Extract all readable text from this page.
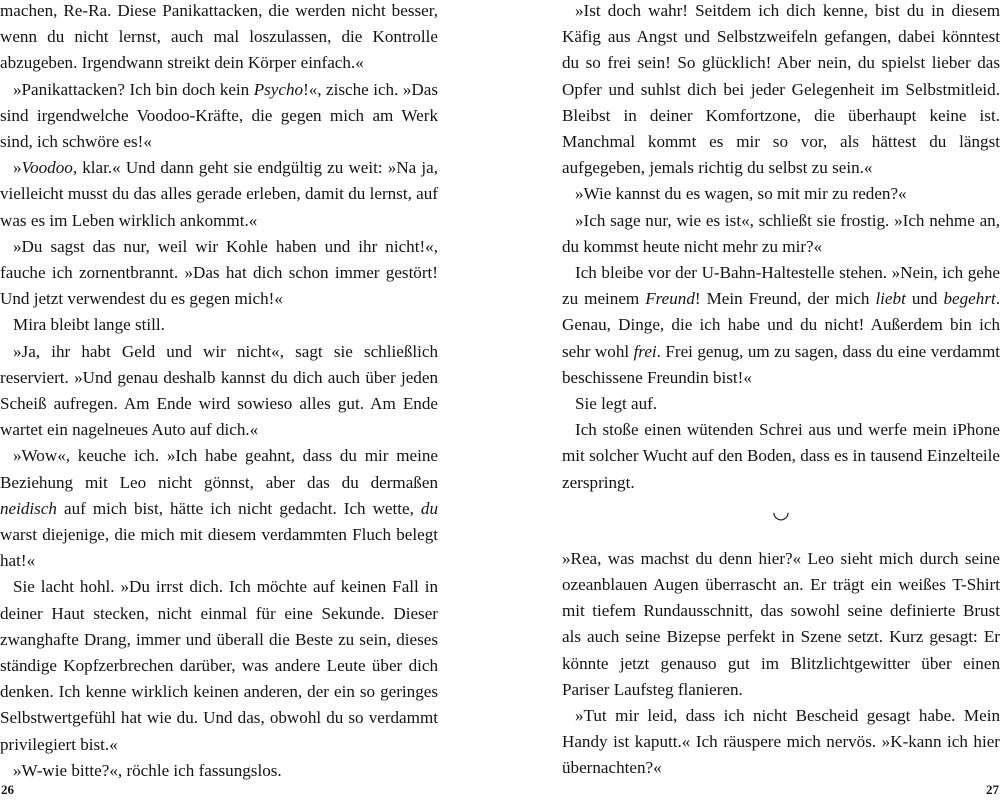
machen, Re-Ra. Diese Panikattacken, die werden nicht besser, wenn du nicht lernst, auch mal loszulassen, die Kontrolle abzugeben. Irgendwann streikt dein Körper einfach.«

»Panikattacken? Ich bin doch kein Psycho!«, zische ich. »Das sind irgendwelche Voodoo-Kräfte, die gegen mich am Werk sind, ich schwöre es!«

»Voodoo, klar.« Und dann geht sie endgültig zu weit: »Na ja, vielleicht musst du das alles gerade erleben, damit du lernst, auf was es im Leben wirklich ankommt.«

»Du sagst das nur, weil wir Kohle haben und ihr nicht!«, fauche ich zornentbrannt. »Das hat dich schon immer gestört! Und jetzt verwendest du es gegen mich!«

Mira bleibt lange still.

»Ja, ihr habt Geld und wir nicht«, sagt sie schließlich reserviert. »Und genau deshalb kannst du dich auch über jeden Scheiß aufregen. Am Ende wird sowieso alles gut. Am Ende wartet ein nagelneues Auto auf dich.«

»Wow«, keuche ich. »Ich habe geahnt, dass du mir meine Beziehung mit Leo nicht gönnst, aber das du dermaßen neidisch auf mich bist, hätte ich nicht gedacht. Ich wette, du warst diejenige, die mich mit diesem verdammten Fluch belegt hat!«

Sie lacht hohl. »Du irrst dich. Ich möchte auf keinen Fall in deiner Haut stecken, nicht einmal für eine Sekunde. Dieser zwanghafte Drang, immer und überall die Beste zu sein, dieses ständige Kopfzerbrechen darüber, was andere Leute über dich denken. Ich kenne wirklich keinen anderen, der ein so geringes Selbstwertgefühl hat wie du. Und das, obwohl du so verdammt privilegiert bist.«

»W-wie bitte?«, röchle ich fassungslos.

26

»Ist doch wahr! Seitdem ich dich kenne, bist du in diesem Käfig aus Angst und Selbstzweifeln gefangen, dabei könntest du so frei sein! So glücklich! Aber nein, du spielst lieber das Opfer und suhlst dich bei jeder Gelegenheit im Selbstmitleid. Bleibst in deiner Komfortzone, die überhaupt keine ist. Manchmal kommt es mir so vor, als hättest du längst aufgegeben, jemals richtig du selbst zu sein.«

»Wie kannst du es wagen, so mit mir zu reden?«

»Ich sage nur, wie es ist«, schließt sie frostig. »Ich nehme an, du kommst heute nicht mehr zu mir?«

Ich bleibe vor der U-Bahn-Haltestelle stehen. »Nein, ich gehe zu meinem Freund! Mein Freund, der mich liebt und begehrt. Genau, Dinge, die ich habe und du nicht! Außerdem bin ich sehr wohl frei. Frei genug, um zu sagen, dass du eine verdammt beschissene Freundin bist!«

Sie legt auf.

Ich stoße einen wütenden Schrei aus und werfe mein iPhone mit solcher Wucht auf den Boden, dass es in tausend Einzelteile zerspringt.

◡

»Rea, was machst du denn hier?« Leo sieht mich durch seine ozeanblauen Augen überrascht an. Er trägt ein weißes T-Shirt mit tiefem Rundausschnitt, das sowohl seine definierte Brust als auch seine Bizepse perfekt in Szene setzt. Kurz gesagt: Er könnte jetzt genauso gut im Blitzlichtgewitter über einen Pariser Laufsteg flanieren.

»Tut mir leid, dass ich nicht Bescheid gesagt habe. Mein Handy ist kaputt.« Ich räuspere mich nervös. »K-kann ich hier übernachten?«

27
